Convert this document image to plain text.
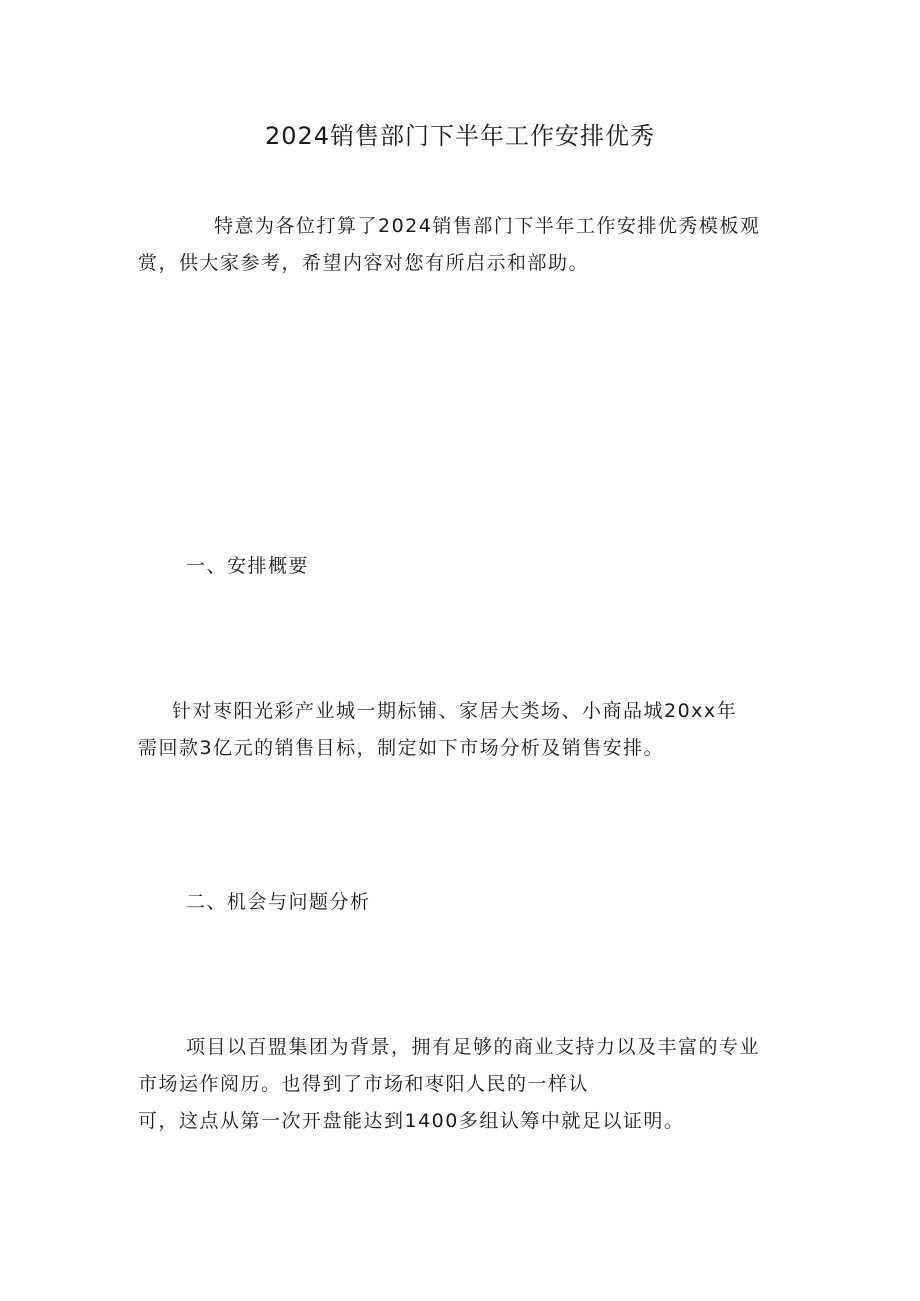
2024销售部门下半年工作安排优秀

特意为各位打算了2024销售部门下半年工作安排优秀模板观
赏，供大家参考，希望内容对您有所启示和部助。

一、安排概要

针对枣阳光彩产业城一期标铺、家居大类场、小商品城20xx年
需回款3亿元的销售目标，制定如下市场分析及销售安排。

二、机会与问题分析

项目以百盟集团为背景，拥有足够的商业支持力以及丰富的专业
市场运作阅历。也得到了市场和枣阳人民的一样认
可，这点从第一次开盘能达到1400多组认筹中就足以证明。
